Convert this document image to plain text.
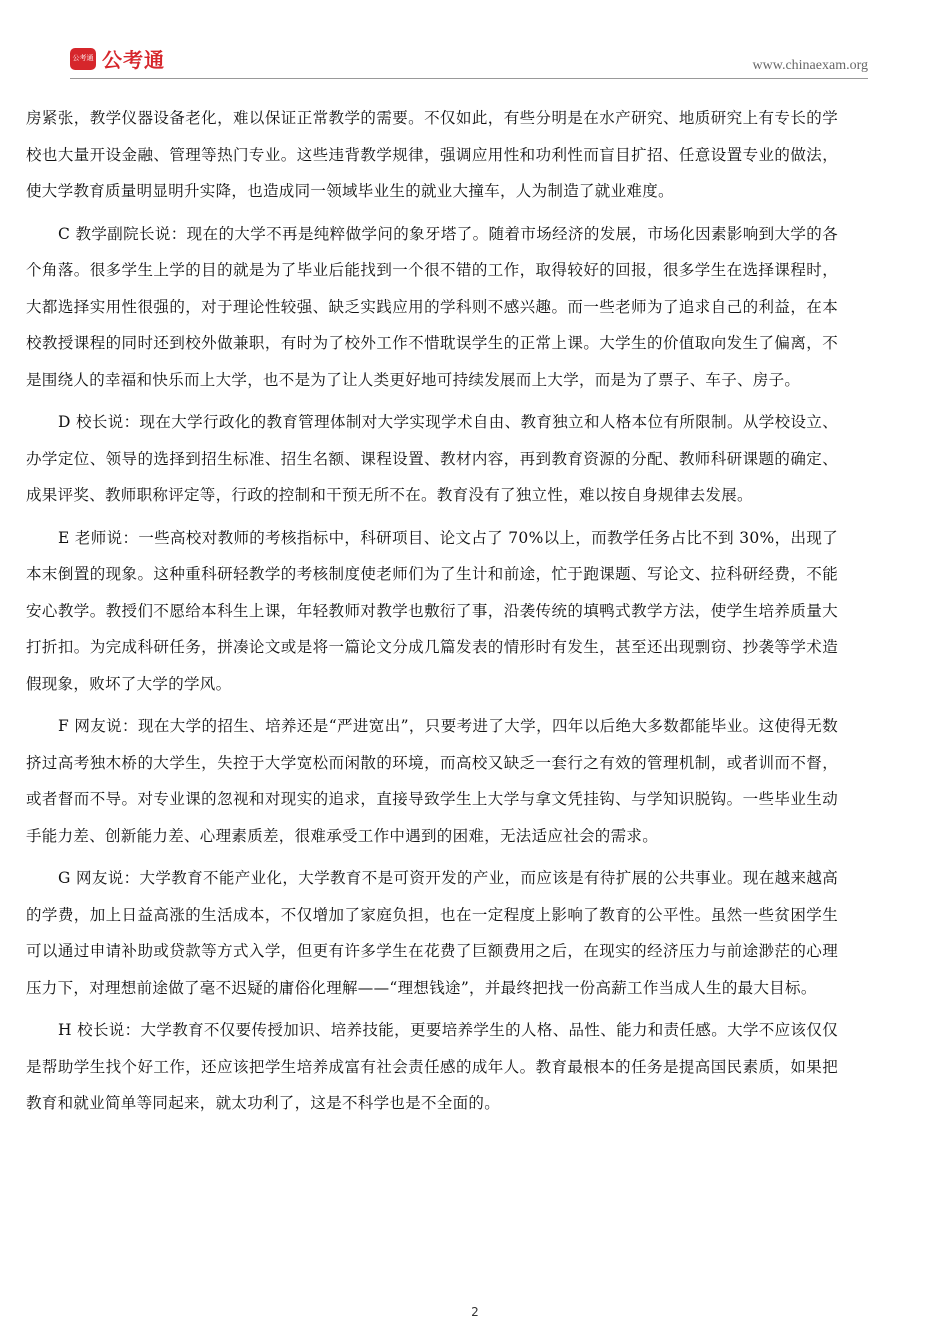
公考通 公考通	www.chinaexam.org

房紧张，教学仪器设备老化，难以保证正常教学的需要。不仅如此，有些分明是在水产研究、地质研究上有专长的学校也大量开设金融、管理等热门专业。这些违背教学规律，强调应用性和功利性而盲目扩招、任意设置专业的做法，使大学教育质量明显明升实降，也造成同一领域毕业生的就业大撞车，人为制造了就业难度。

C 教学副院长说：现在的大学不再是纯粹做学问的象牙塔了。随着市场经济的发展，市场化因素影响到大学的各个角落。很多学生上学的目的就是为了毕业后能找到一个很不错的工作，取得较好的回报，很多学生在选择课程时，大都选择实用性很强的，对于理论性较强、缺乏实践应用的学科则不感兴趣。而一些老师为了追求自己的利益，在本校教授课程的同时还到校外做兼职，有时为了校外工作不惜耽误学生的正常上课。大学生的价值取向发生了偏离，不是围绕人的幸福和快乐而上大学，也不是为了让人类更好地可持续发展而上大学，而是为了票子、车子、房子。

D 校长说：现在大学行政化的教育管理体制对大学实现学术自由、教育独立和人格本位有所限制。从学校设立、办学定位、领导的选择到招生标准、招生名额、课程设置、教材内容，再到教育资源的分配、教师科研课题的确定、成果评奖、教师职称评定等，行政的控制和干预无所不在。教育没有了独立性，难以按自身规律去发展。

E 老师说：一些高校对教师的考核指标中，科研项目、论文占了 70%以上，而教学任务占比不到 30%，出现了本末倒置的现象。这种重科研轻教学的考核制度使老师们为了生计和前途，忙于跑课题、写论文、拉科研经费，不能安心教学。教授们不愿给本科生上课，年轻教师对教学也敷衍了事，沿袭传统的填鸭式教学方法，使学生培养质量大打折扣。为完成科研任务，拼凑论文或是将一篇论文分成几篇发表的情形时有发生，甚至还出现剽窃、抄袭等学术造假现象，败坏了大学的学风。

F 网友说：现在大学的招生、培养还是“严进宽出”，只要考进了大学，四年以后绝大多数都能毕业。这使得无数挤过高考独木桥的大学生，失控于大学宽松而闲散的环境，而高校又缺乏一套行之有效的管理机制，或者训而不督，或者督而不导。对专业课的忽视和对现实的追求，直接导致学生上大学与拿文凭挂钩、与学知识脱钩。一些毕业生动手能力差、创新能力差、心理素质差，很难承受工作中遇到的困难，无法适应社会的需求。

G 网友说：大学教育不能产业化，大学教育不是可资开发的产业，而应该是有待扩展的公共事业。现在越来越高的学费，加上日益高涨的生活成本，不仅增加了家庭负担，也在一定程度上影响了教育的公平性。虽然一些贫困学生可以通过申请补助或贷款等方式入学，但更有许多学生在花费了巨额费用之后，在现实的经济压力与前途渺茫的心理压力下，对理想前途做了毫不迟疑的庸俗化理解——“理想钱途”，并最终把找一份高薪工作当成人生的最大目标。

H 校长说：大学教育不仅要传授加识、培养技能，更要培养学生的人格、品性、能力和责任感。大学不应该仅仅是帮助学生找个好工作，还应该把学生培养成富有社会责任感的成年人。教育最根本的任务是提高国民素质，如果把教育和就业简单等同起来，就太功利了，这是不科学也是不全面的。

2
